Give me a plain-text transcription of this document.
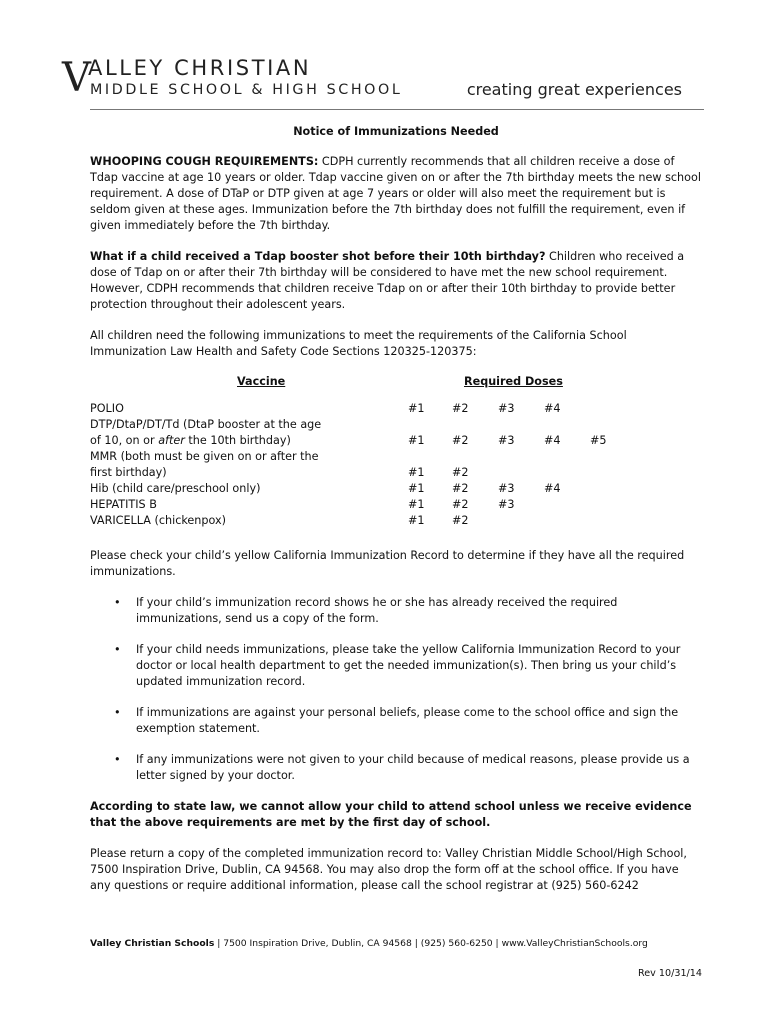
V
ALLEY CHRISTIAN
MIDDLE SCHOOL & HIGH SCHOOL	creating great experiences
Notice of Immunizations Needed

WHOOPING COUGH REQUIREMENTS: CDPH currently recommends that all children receive a dose of Tdap vaccine at age 10 years or older. Tdap vaccine given on or after the 7th birthday meets the new school requirement. A dose of DTaP or DTP given at age 7 years or older will also meet the requirement but is seldom given at these ages. Immunization before the 7th birthday does not fulfill the requirement, even if given immediately before the 7th birthday.

What if a child received a Tdap booster shot before their 10th birthday? Children who received a dose of Tdap on or after their 7th birthday will be considered to have met the new school requirement. However, CDPH recommends that children receive Tdap on or after their 10th birthday to provide better protection throughout their adolescent years.

All children need the following immunizations to meet the requirements of the California School Immunization Law Health and Safety Code Sections 120325-120375:

Vaccine	Required Doses
POLIO	#1 #2	#3	#4
DTP/DtaP/DT/Td (DtaP booster at the age
of 10, on or after the 10th birthday)	#1 #2	#3	#4	#5
MMR (both must be given on or after the
first birthday)	#1 #2
Hib (child care/preschool only)	#1 #2	#3	#4
HEPATITIS B	#1 #2	#3
VARICELLA (chickenpox)	#1 #2

Please check your child’s yellow California Immunization Record to determine if they have all the required immunizations.

• If your child’s immunization record shows he or she has already received the required immunizations, send us a copy of the form.
• If your child needs immunizations, please take the yellow California Immunization Record to your doctor or local health department to get the needed immunization(s). Then bring us your child’s updated immunization record.
• If immunizations are against your personal beliefs, please come to the school office and sign the exemption statement.
• If any immunizations were not given to your child because of medical reasons, please provide us a letter signed by your doctor.

According to state law, we cannot allow your child to attend school unless we receive evidence that the above requirements are met by the first day of school.

Please return a copy of the completed immunization record to: Valley Christian Middle School/High School, 7500 Inspiration Drive, Dublin, CA 94568. You may also drop the form off at the school office. If you have any questions or require additional information, please call the school registrar at (925) 560-6242

Valley Christian Schools | 7500 Inspiration Drive, Dublin, CA 94568 | (925) 560-6250 | www.ValleyChristianSchools.org
Rev 10/31/14
